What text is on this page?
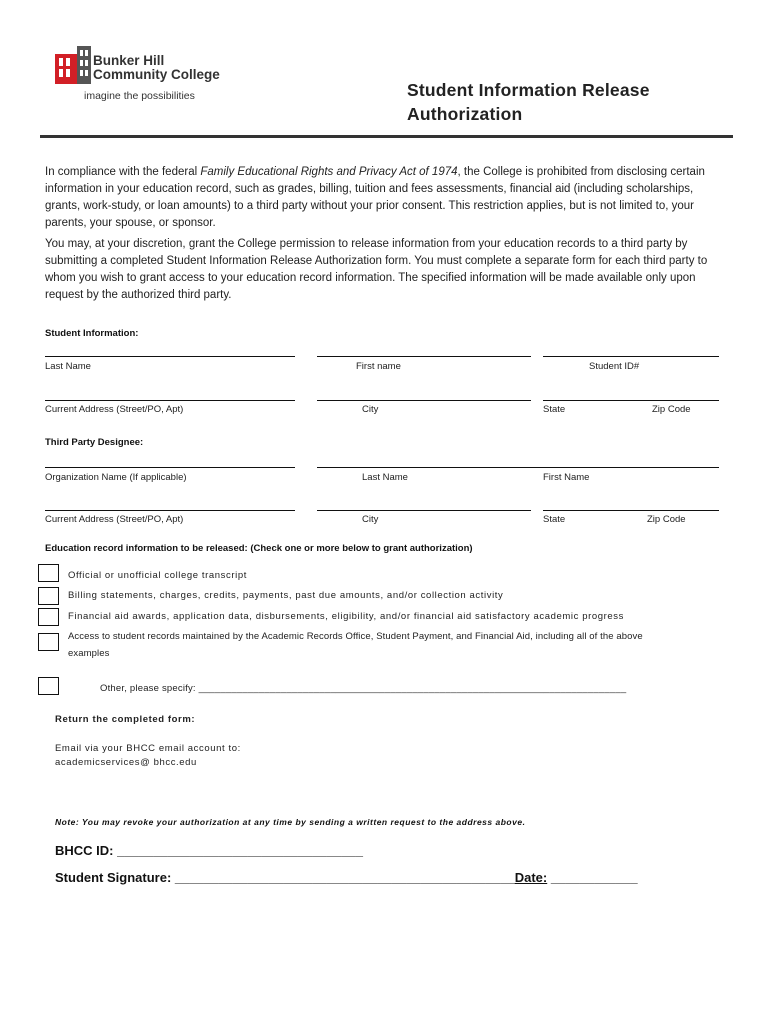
Bunker Hill
Community College
imagine the possibilities	Student Information Release
Authorization
In compliance with the federal Family Educational Rights and Privacy Act of 1974, the College is prohibited from disclosing certain information in your education record, such as grades, billing, tuition and fees assessments, financial aid (including scholarships, grants, work-study, or loan amounts) to a third party without your prior consent. This restriction applies, but is not limited to, your parents, your spouse, or sponsor.
You may, at your discretion, grant the College permission to release information from your education records to a third party by submitting a completed Student Information Release Authorization form. You must complete a separate form for each third party to whom you wish to grant access to your education record information. The specified information will be made available only upon request by the authorized third party.
Student Information:
Last Name	First name	Student ID#
Current Address (Street/PO, Apt)	City	State	Zip Code
Third Party Designee:
Organization Name (If applicable)	Last Name	First Name
Current Address (Street/PO, Apt)	City	State	Zip Code
Education record information to be released: (Check one or more below to grant authorization)
Official or unofficial college transcript
Billing statements, charges, credits, payments, past due amounts, and/or collection activity
Financial aid awards, application data, disbursements, eligibility, and/or financial aid satisfactory academic progress
Access to student records maintained by the Academic Records Office, Student Payment, and Financial Aid, including all of the above
examples
Other, please specify: ______________________________________________________________________________
Return the completed form:
Email via your BHCC email account to:
academicservices@ bhcc.edu
Note: You may revoke your authorization at any time by sending a written request to the address above.
BHCC ID: __________________________________
Student Signature: _______________________________________________Date: ____________
